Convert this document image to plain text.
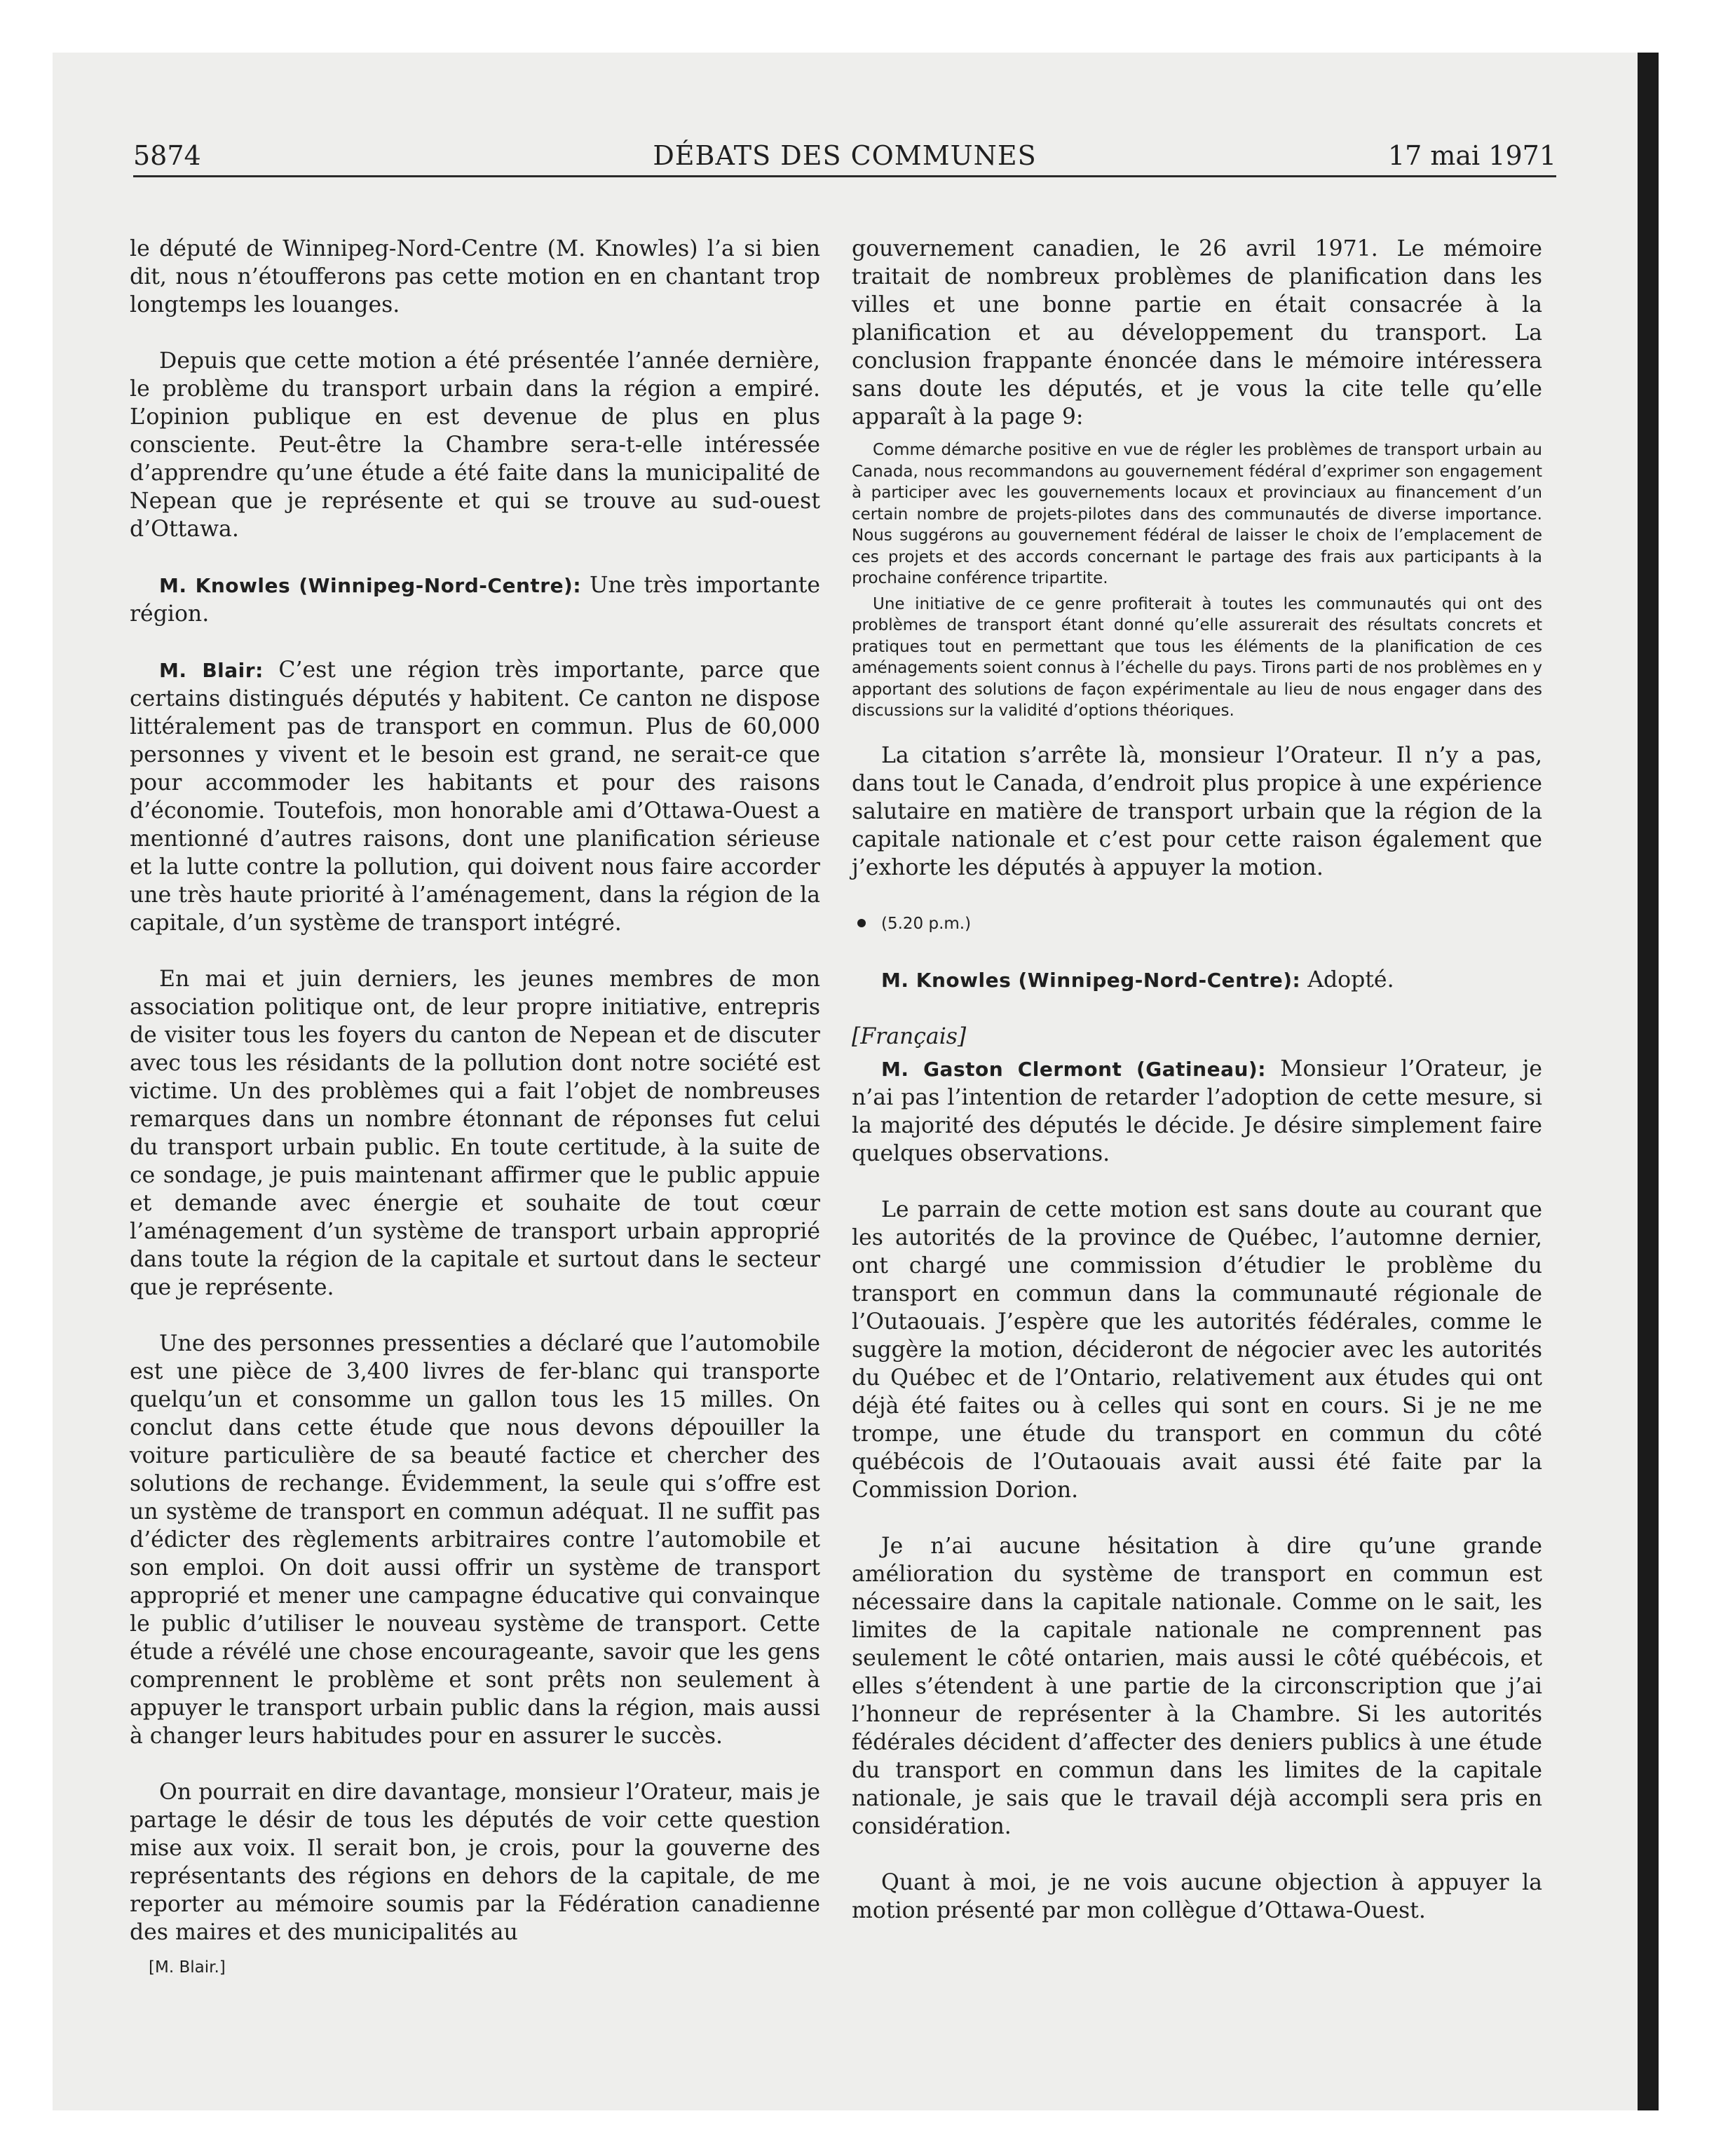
5874	DÉBATS DES COMMUNES	17 mai 1971

le député de Winnipeg-Nord-Centre (M. Knowles) l’a si bien dit, nous n’étoufferons pas cette motion en en chantant trop longtemps les louanges.

Depuis que cette motion a été présentée l’année dernière, le problème du transport urbain dans la région a empiré. L’opinion publique en est devenue de plus en plus consciente. Peut-être la Chambre sera-t-elle intéressée d’apprendre qu’une étude a été faite dans la municipalité de Nepean que je représente et qui se trouve au sud-ouest d’Ottawa.

M. Knowles (Winnipeg-Nord-Centre): Une très importante région.

M. Blair: C’est une région très importante, parce que certains distingués députés y habitent. Ce canton ne dispose littéralement pas de transport en commun. Plus de 60,000 personnes y vivent et le besoin est grand, ne serait-ce que pour accommoder les habitants et pour des raisons d’économie. Toutefois, mon honorable ami d’Ottawa-Ouest a mentionné d’autres raisons, dont une planification sérieuse et la lutte contre la pollution, qui doivent nous faire accorder une très haute priorité à l’aménagement, dans la région de la capitale, d’un système de transport intégré.

En mai et juin derniers, les jeunes membres de mon association politique ont, de leur propre initiative, entrepris de visiter tous les foyers du canton de Nepean et de discuter avec tous les résidants de la pollution dont notre société est victime. Un des problèmes qui a fait l’objet de nombreuses remarques dans un nombre étonnant de réponses fut celui du transport urbain public. En toute certitude, à la suite de ce sondage, je puis maintenant affirmer que le public appuie et demande avec énergie et souhaite de tout cœur l’aménagement d’un système de transport urbain approprié dans toute la région de la capitale et surtout dans le secteur que je représente.

Une des personnes pressenties a déclaré que l’automobile est une pièce de 3,400 livres de fer-blanc qui transporte quelqu’un et consomme un gallon tous les 15 milles. On conclut dans cette étude que nous devons dépouiller la voiture particulière de sa beauté factice et chercher des solutions de rechange. Évidemment, la seule qui s’offre est un système de transport en commun adéquat. Il ne suffit pas d’édicter des règlements arbitraires contre l’automobile et son emploi. On doit aussi offrir un système de transport approprié et mener une campagne éducative qui convainque le public d’utiliser le nouveau système de transport. Cette étude a révélé une chose encourageante, savoir que les gens comprennent le problème et sont prêts non seulement à appuyer le transport urbain public dans la région, mais aussi à changer leurs habitudes pour en assurer le succès.

On pourrait en dire davantage, monsieur l’Orateur, mais je partage le désir de tous les députés de voir cette question mise aux voix. Il serait bon, je crois, pour la gouverne des représentants des régions en dehors de la capitale, de me reporter au mémoire soumis par la Fédération canadienne des maires et des municipalités au

[M. Blair.]

gouvernement canadien, le 26 avril 1971. Le mémoire traitait de nombreux problèmes de planification dans les villes et une bonne partie en était consacrée à la planification et au développement du transport. La conclusion frappante énoncée dans le mémoire intéressera sans doute les députés, et je vous la cite telle qu’elle apparaît à la page 9:

Comme démarche positive en vue de régler les problèmes de transport urbain au Canada, nous recommandons au gouvernement fédéral d’exprimer son engagement à participer avec les gouvernements locaux et provinciaux au financement d’un certain nombre de projets-pilotes dans des communautés de diverse importance. Nous suggérons au gouvernement fédéral de laisser le choix de l’emplacement de ces projets et des accords concernant le partage des frais aux participants à la prochaine conférence tripartite.

Une initiative de ce genre profiterait à toutes les communautés qui ont des problèmes de transport étant donné qu’elle assurerait des résultats concrets et pratiques tout en permettant que tous les éléments de la planification de ces aménagements soient connus à l’échelle du pays. Tirons parti de nos problèmes en y apportant des solutions de façon expérimentale au lieu de nous engager dans des discussions sur la validité d’options théoriques.

La citation s’arrête là, monsieur l’Orateur. Il n’y a pas, dans tout le Canada, d’endroit plus propice à une expérience salutaire en matière de transport urbain que la région de la capitale nationale et c’est pour cette raison également que j’exhorte les députés à appuyer la motion.

(5.20 p.m.)

M. Knowles (Winnipeg-Nord-Centre): Adopté.

[Français]

M. Gaston Clermont (Gatineau): Monsieur l’Orateur, je n’ai pas l’intention de retarder l’adoption de cette mesure, si la majorité des députés le décide. Je désire simplement faire quelques observations.

Le parrain de cette motion est sans doute au courant que les autorités de la province de Québec, l’automne dernier, ont chargé une commission d’étudier le problème du transport en commun dans la communauté régionale de l’Outaouais. J’espère que les autorités fédérales, comme le suggère la motion, décideront de négocier avec les autorités du Québec et de l’Ontario, relativement aux études qui ont déjà été faites ou à celles qui sont en cours. Si je ne me trompe, une étude du transport en commun du côté québécois de l’Outaouais avait aussi été faite par la Commission Dorion.

Je n’ai aucune hésitation à dire qu’une grande amélioration du système de transport en commun est nécessaire dans la capitale nationale. Comme on le sait, les limites de la capitale nationale ne comprennent pas seulement le côté ontarien, mais aussi le côté québécois, et elles s’étendent à une partie de la circonscription que j’ai l’honneur de représenter à la Chambre. Si les autorités fédérales décident d’affecter des deniers publics à une étude du transport en commun dans les limites de la capitale nationale, je sais que le travail déjà accompli sera pris en considération.

Quant à moi, je ne vois aucune objection à appuyer la motion présenté par mon collègue d’Ottawa-Ouest.
